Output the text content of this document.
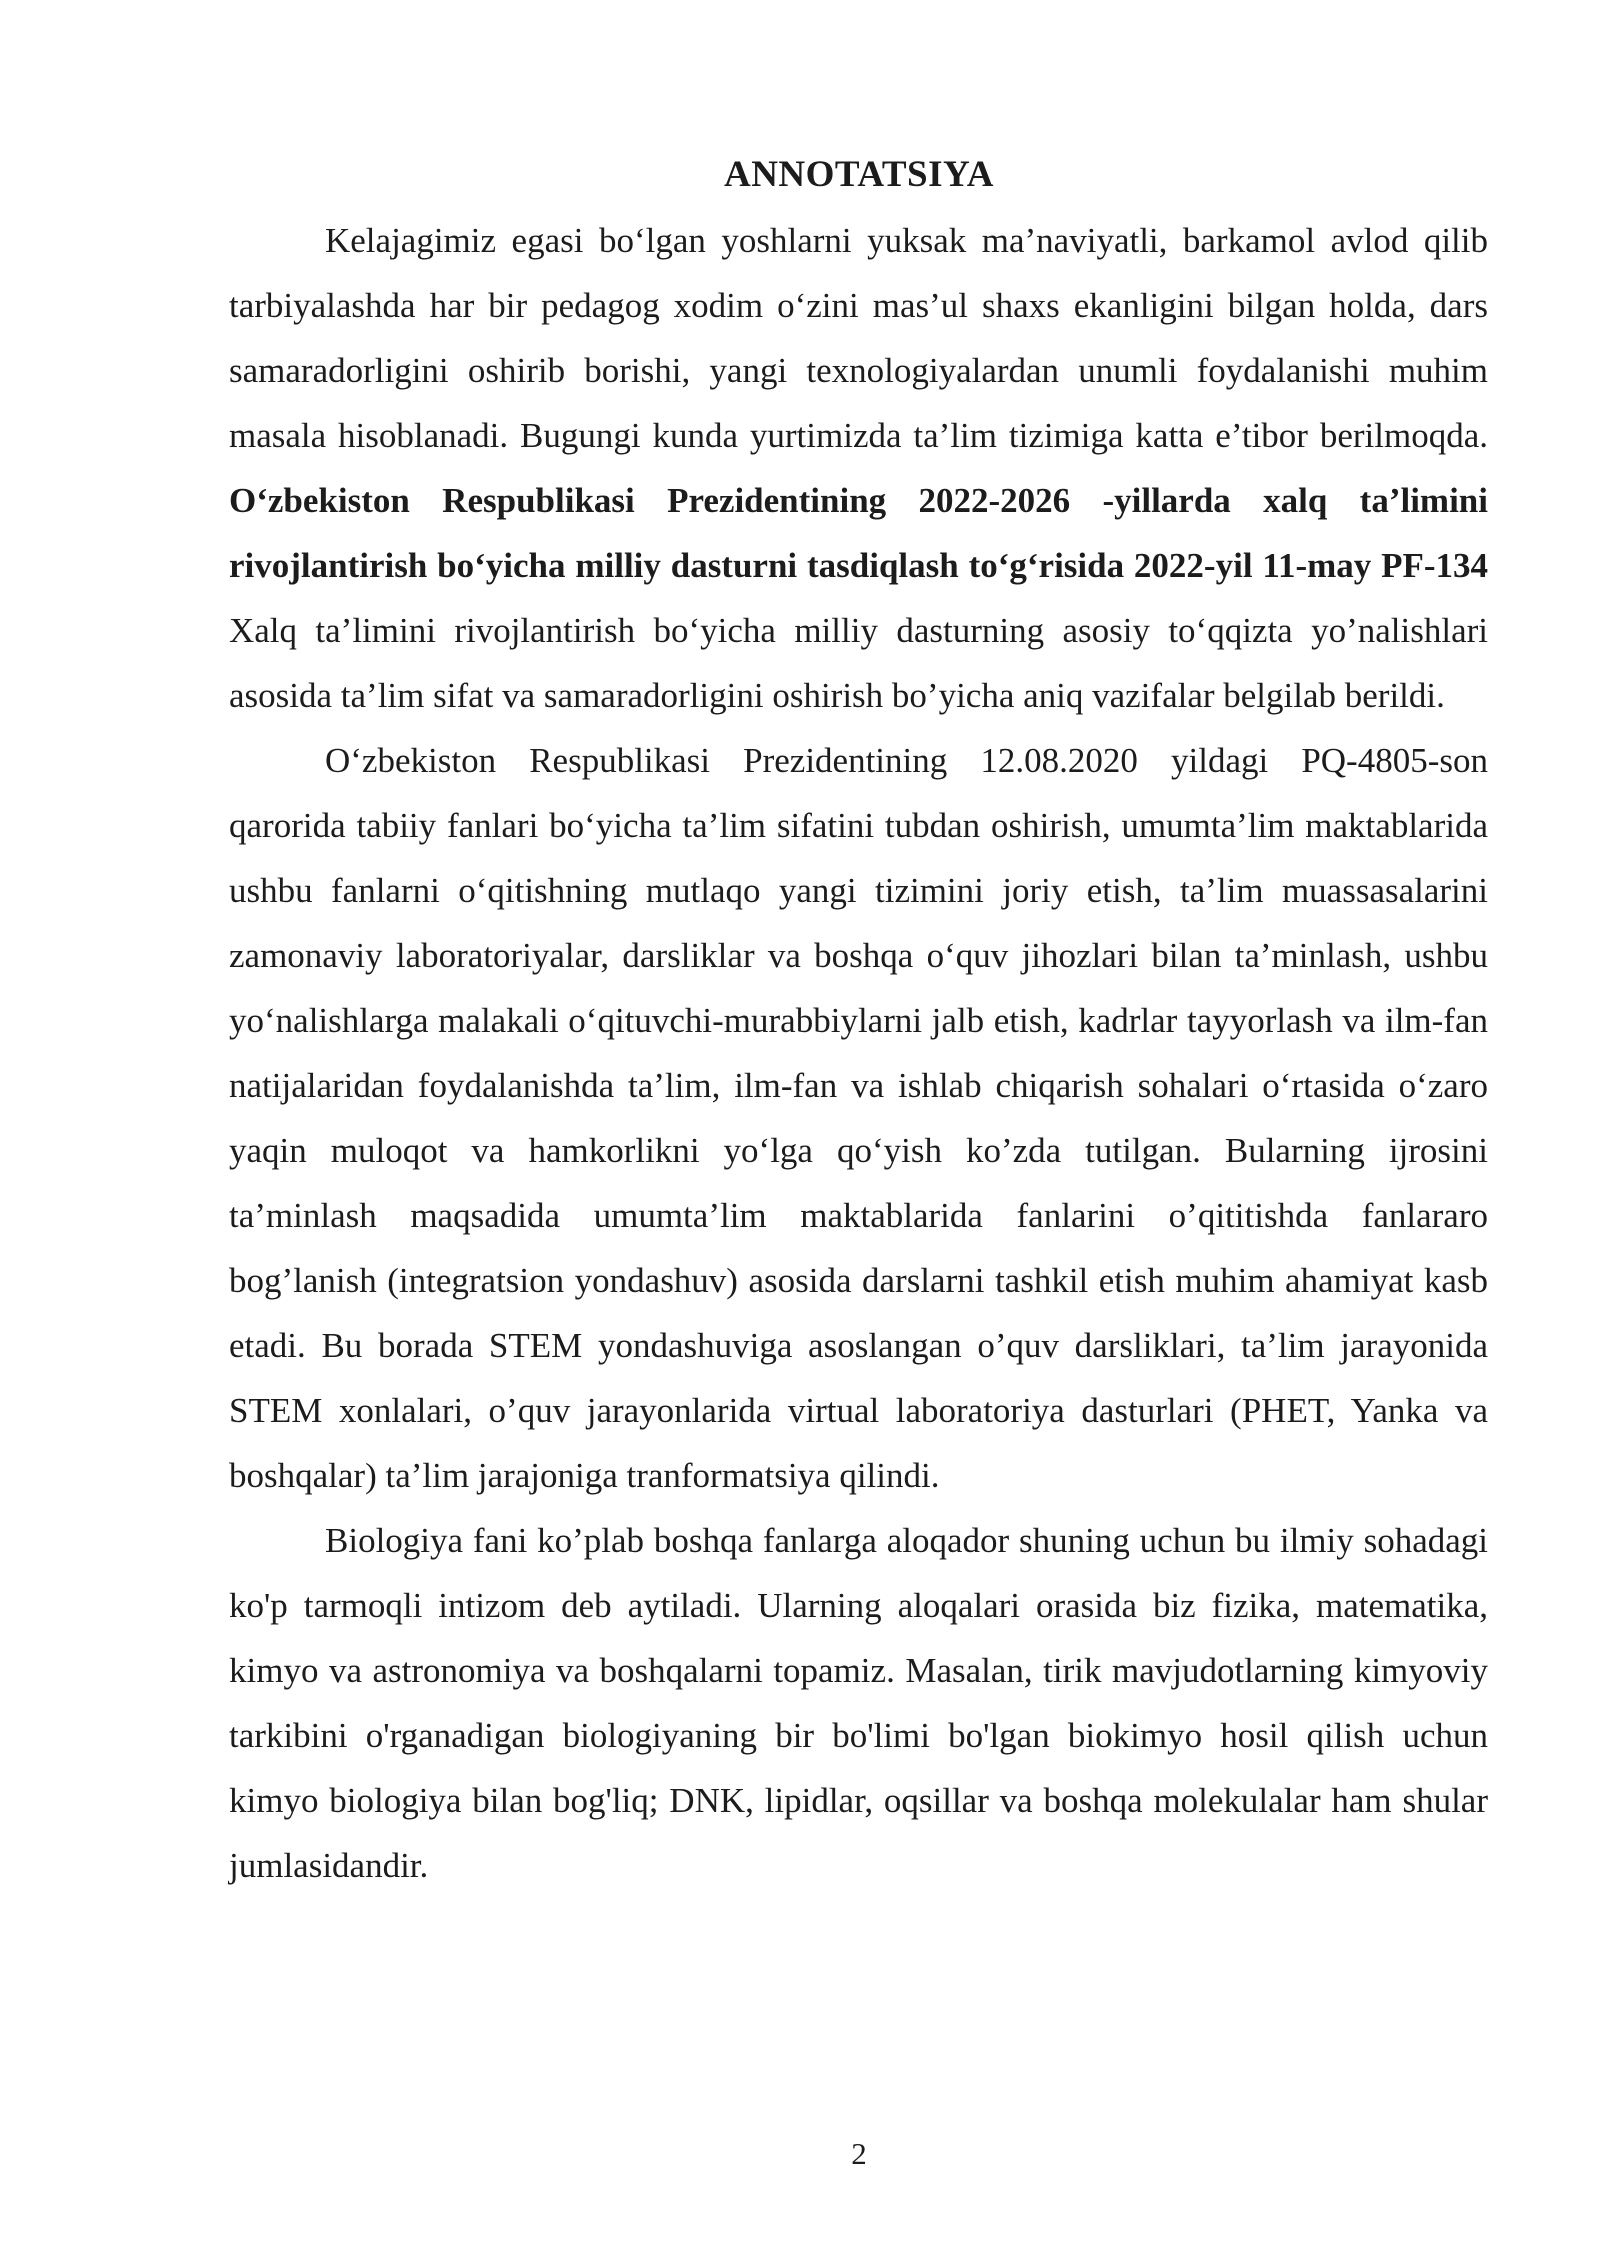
ANNOTATSIYA

Kelajagimiz egasi bo‘lgan yoshlarni yuksak ma’naviyatli, barkamol avlod qilib tarbiyalashda har bir pedagog xodim o‘zini mas’ul shaxs ekanligini bilgan holda, dars samaradorligini oshirib borishi, yangi texnologiyalardan unumli foydalanishi muhim masala hisoblanadi. Bugungi kunda yurtimizda ta’lim tizimiga katta e’tibor berilmoqda. O‘zbekiston Respublikasi Prezidentining 2022-2026 -yillarda xalq ta’limini rivojlantirish bo‘yicha milliy dasturni tasdiqlash to‘g‘risida 2022-yil 11-may PF-134 Xalq ta’limini rivojlantirish bo‘yicha milliy dasturning asosiy to‘qqizta yo’nalishlari asosida ta’lim sifat va samaradorligini oshirish bo’yicha aniq vazifalar belgilab berildi.

O‘zbekiston Respublikasi Prezidentining 12.08.2020 yildagi PQ-4805-son qarorida tabiiy fanlari bo‘yicha ta’lim sifatini tubdan oshirish, umumta’lim maktablarida ushbu fanlarni o‘qitishning mutlaqo yangi tizimini joriy etish, ta’lim muassasalarini zamonaviy laboratoriyalar, darsliklar va boshqa o‘quv jihozlari bilan ta’minlash, ushbu yo‘nalishlarga malakali o‘qituvchi-murabbiylarni jalb etish, kadrlar tayyorlash va ilm-fan natijalaridan foydalanishda ta’lim, ilm-fan va ishlab chiqarish sohalari o‘rtasida o‘zaro yaqin muloqot va hamkorlikni yo‘lga qo‘yish ko’zda tutilgan. Bularning ijrosini ta’minlash maqsadida umumta’lim maktablarida fanlarini o’qititishda fanlararo bog’lanish (integratsion yondashuv) asosida darslarni tashkil etish muhim ahamiyat kasb etadi. Bu borada STEM yondashuviga asoslangan o’quv darsliklari, ta’lim jarayonida STEM xonlalari, o’quv jarayonlarida virtual laboratoriya dasturlari (PHET, Yanka va boshqalar) ta’lim jarajoniga tranformatsiya qilindi.

Biologiya fani ko’plab boshqa fanlarga aloqador shuning uchun bu ilmiy sohadagi ko'p tarmoqli intizom deb aytiladi. Ularning aloqalari orasida biz fizika, matematika, kimyo va astronomiya va boshqalarni topamiz. Masalan, tirik mavjudotlarning kimyoviy tarkibini o'rganadigan biologiyaning bir bo'limi bo'lgan biokimyo hosil qilish uchun kimyo biologiya bilan bog'liq; DNK, lipidlar, oqsillar va boshqa molekulalar ham shular jumlasidandir.

2
